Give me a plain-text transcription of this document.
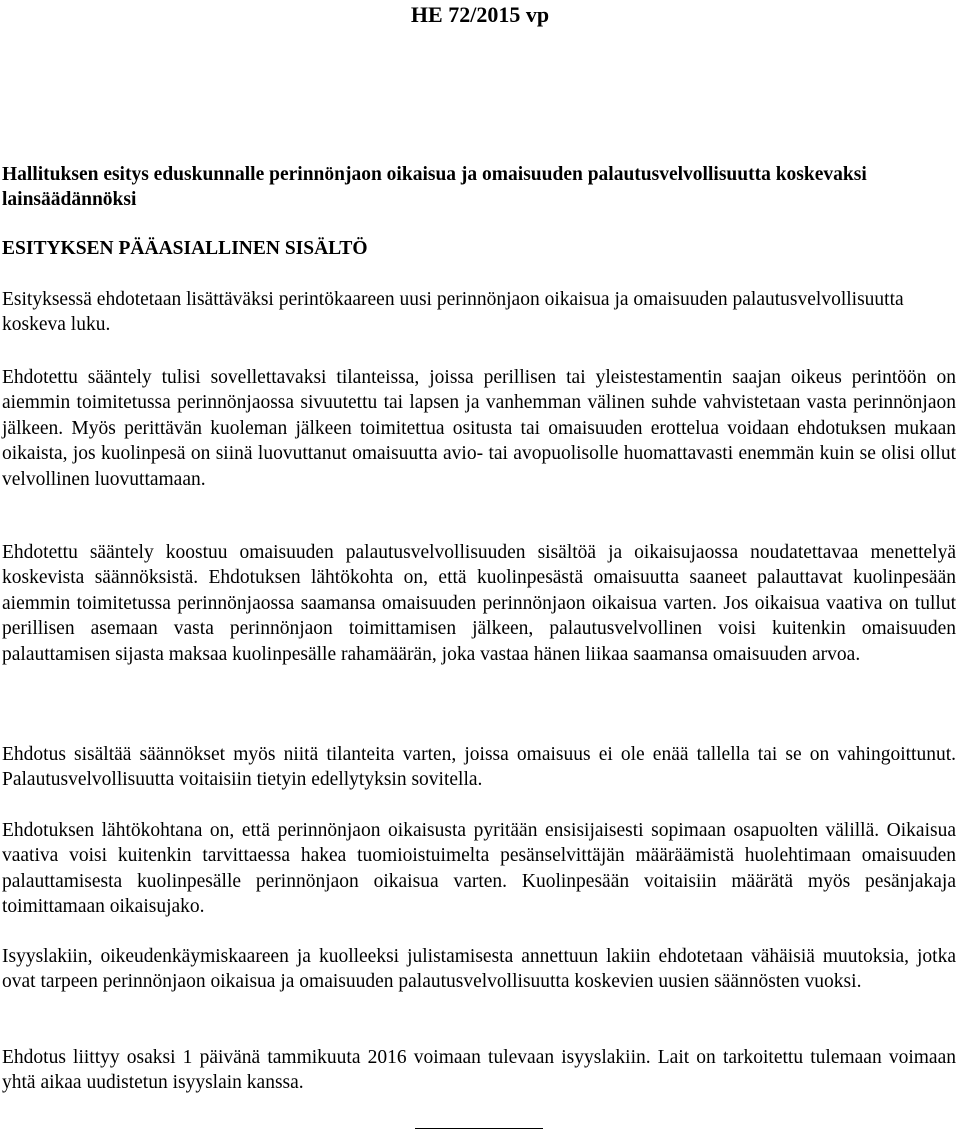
HE 72/2015 vp
Hallituksen esitys eduskunnalle perinnönjaon oikaisua ja omaisuuden palautusvelvollisuutta koskevaksi lainsäädännöksi
ESITYKSEN PÄÄASIALLINEN SISÄLTÖ
Esityksessä ehdotetaan lisättäväksi perintökaareen uusi perinnönjaon oikaisua ja omaisuuden palautusvelvollisuutta koskeva luku.
Ehdotettu sääntely tulisi sovellettavaksi tilanteissa, joissa perillisen tai yleistestamentin saajan oikeus perintöön on aiemmin toimitetussa perinnönjaossa sivuutettu tai lapsen ja vanhemman välinen suhde vahvistetaan vasta perinnönjaon jälkeen. Myös perittävän kuoleman jälkeen toimitettua ositusta tai omaisuuden erottelua voidaan ehdotuksen mukaan oikaista, jos kuolinpesä on siinä luovuttanut omaisuutta avio- tai avopuolisolle huomattavasti enemmän kuin se olisi ollut velvollinen luovuttamaan.
Ehdotettu sääntely koostuu omaisuuden palautusvelvollisuuden sisältöä ja oikaisujaossa noudatettavaa menettelyä koskevista säännöksistä. Ehdotuksen lähtökohta on, että kuolinpesästä omaisuutta saaneet palauttavat kuolinpesään aiemmin toimitetussa perinnönjaossa saamansa omaisuuden perinnönjaon oikaisua varten. Jos oikaisua vaativa on tullut perillisen asemaan vasta perinnönjaon toimittamisen jälkeen, palautusvelvollinen voisi kuitenkin omaisuuden palauttamisen sijasta maksaa kuolinpesälle rahamäärän, joka vastaa hänen liikaa saamansa omaisuuden arvoa.
Ehdotus sisältää säännökset myös niitä tilanteita varten, joissa omaisuus ei ole enää tallella tai se on vahingoittunut. Palautusvelvollisuutta voitaisiin tietyin edellytyksin sovitella.
Ehdotuksen lähtökohtana on, että perinnönjaon oikaisusta pyritään ensisijaisesti sopimaan osapuolten välillä. Oikaisua vaativa voisi kuitenkin tarvittaessa hakea tuomioistuimelta pesänselvittäjän määräämistä huolehtimaan omaisuuden palauttamisesta kuolinpesälle perinnönjaon oikaisua varten. Kuolinpesään voitaisiin määrätä myös pesänjakaja toimittamaan oikaisujako.
Isyyslakiin, oikeudenkäymiskaareen ja kuolleeksi julistamisesta annettuun lakiin ehdotetaan vähäisiä muutoksia, jotka ovat tarpeen perinnönjaon oikaisua ja omaisuuden palautusvelvollisuutta koskevien uusien säännösten vuoksi.
Ehdotus liittyy osaksi 1 päivänä tammikuuta 2016 voimaan tulevaan isyyslakiin. Lait on tarkoitettu tulemaan voimaan yhtä aikaa uudistetun isyyslain kanssa.
